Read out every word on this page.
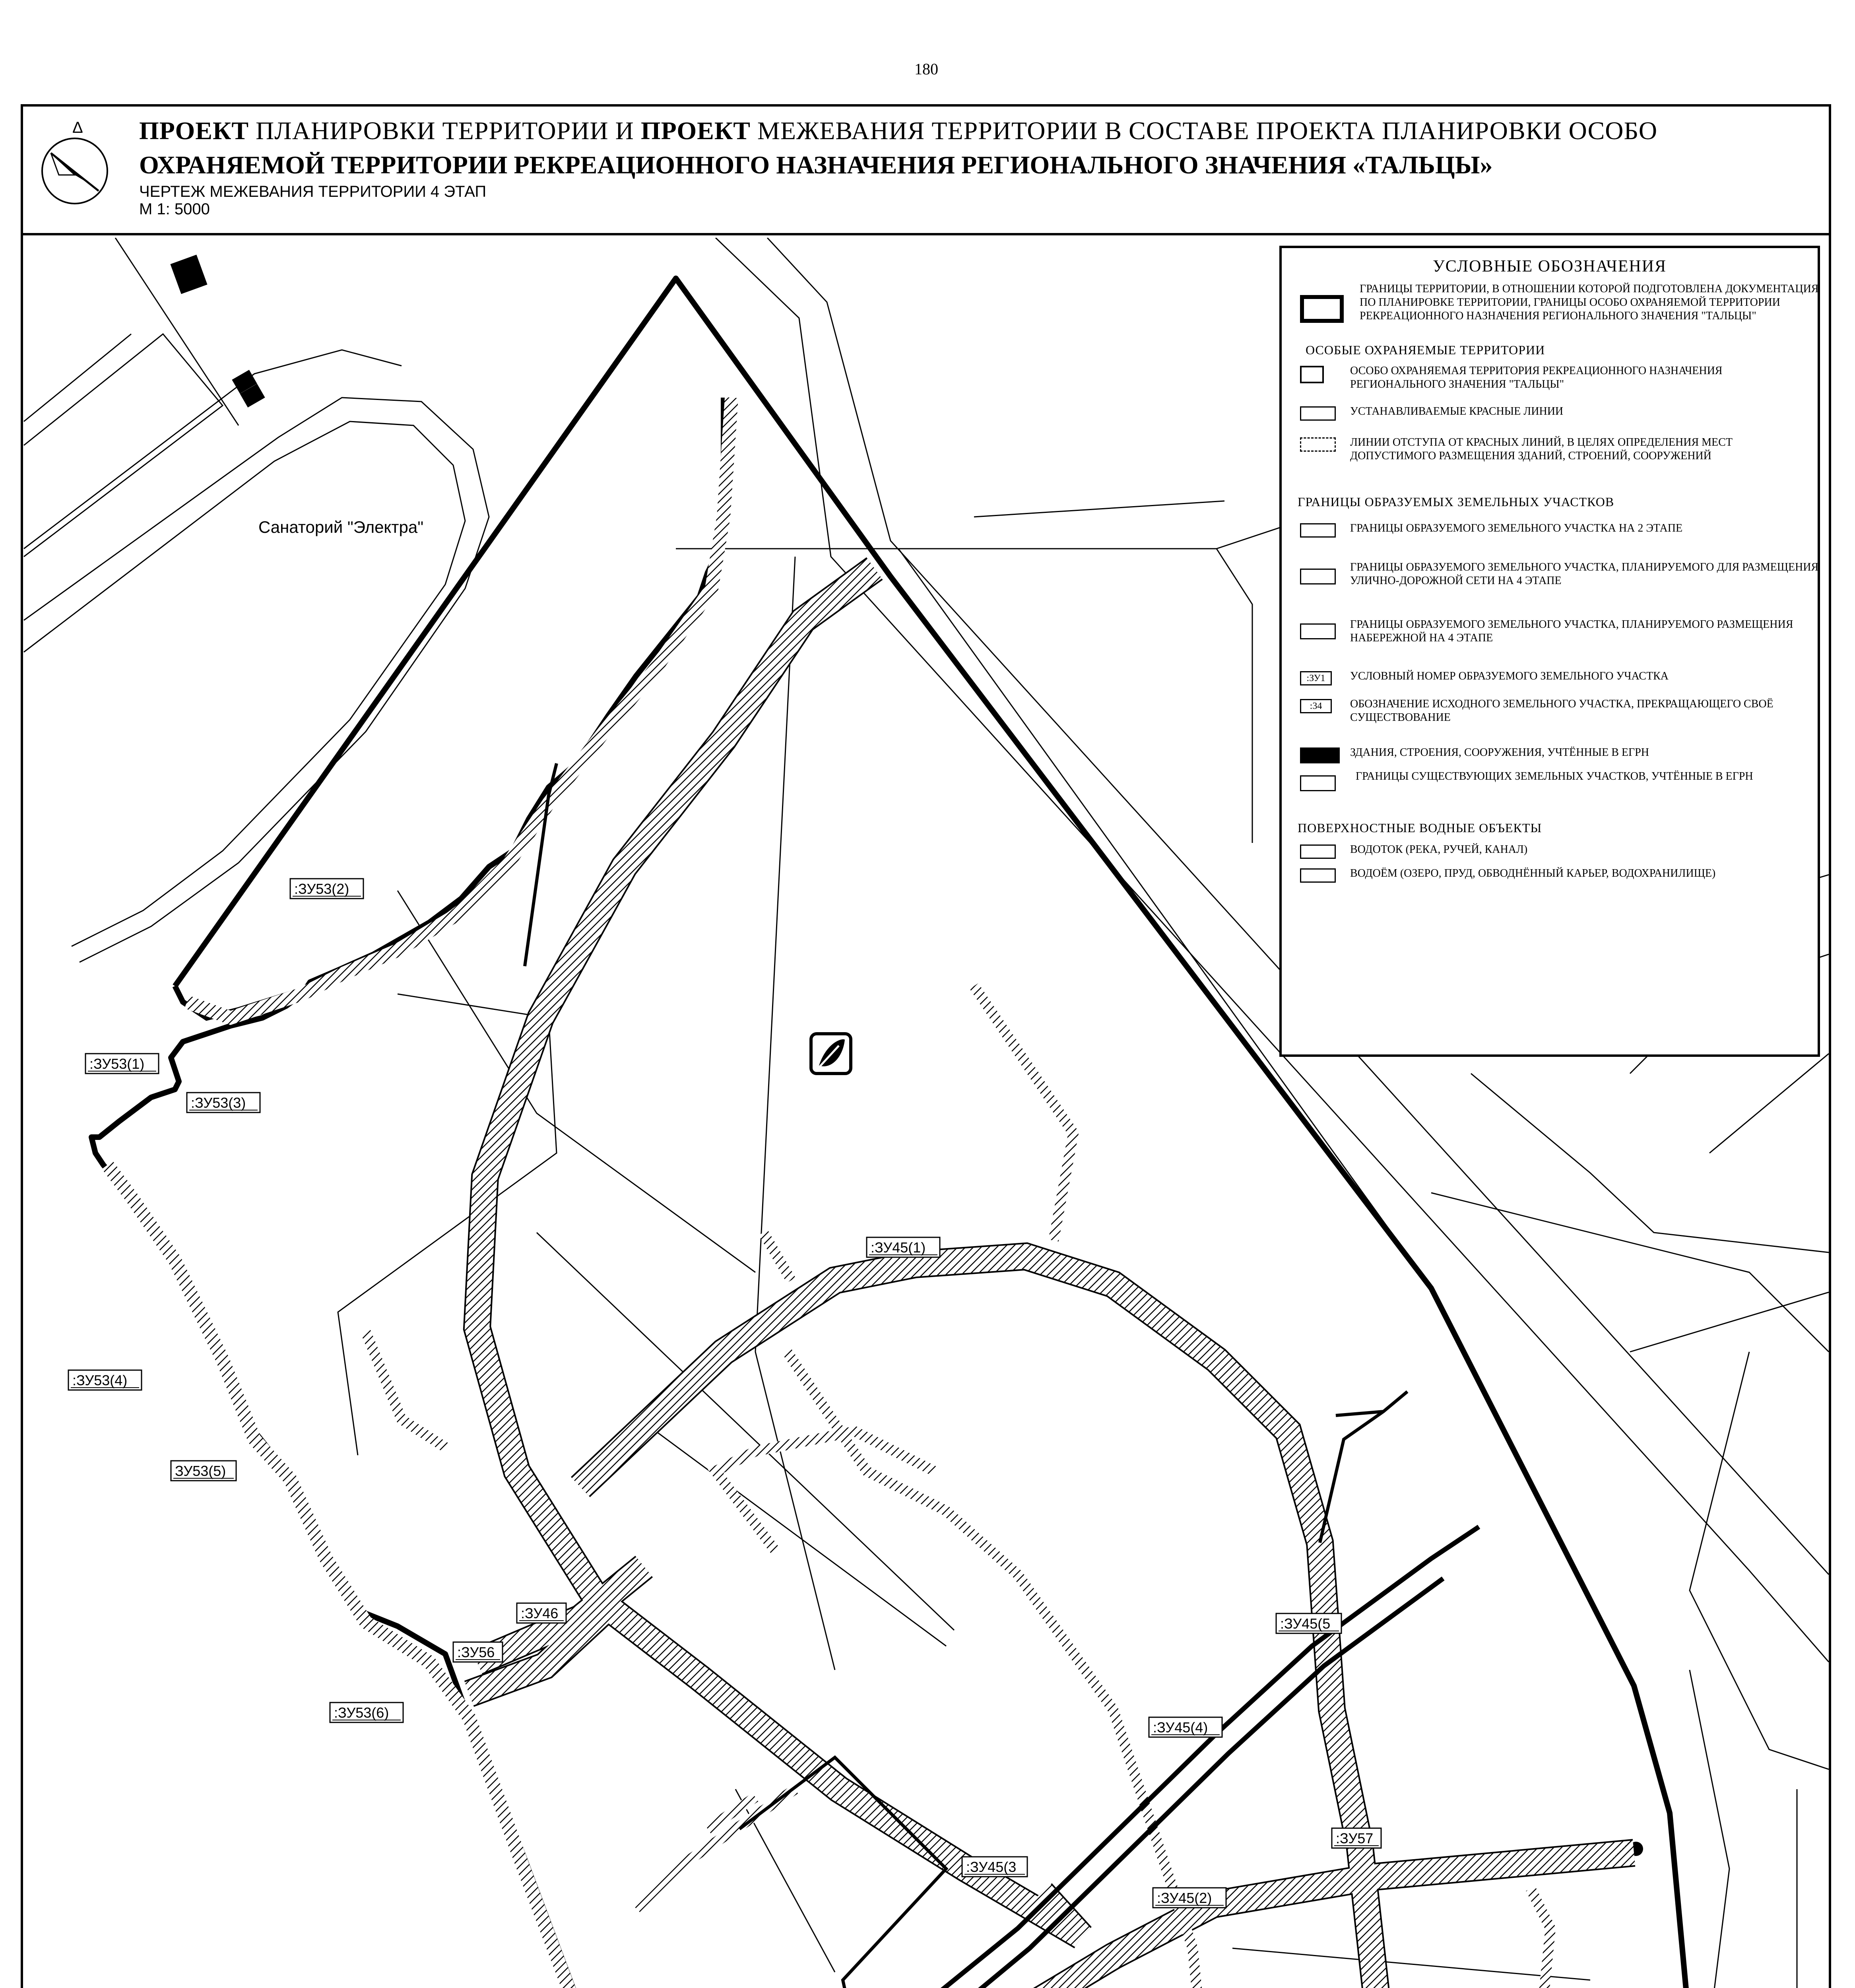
180
Δ ПРОЕКТ ПЛАНИРОВКИ ТЕРРИТОРИИ И ПРОЕКТ МЕЖЕВАНИЯ ТЕРРИТОРИИ В СОСТАВЕ ПРОЕКТА ПЛАНИРОВКИ ОСОБО
ОХРАНЯЕМОЙ ТЕРРИТОРИИ РЕКРЕАЦИОННОГО НАЗНАЧЕНИЯ РЕГИОНАЛЬНОГО ЗНАЧЕНИЯ «ТАЛЬЦЫ»
ЧЕРТЕЖ МЕЖЕВАНИЯ ТЕРРИТОРИИ 4 ЭТАП
М 1: 5000
Санаторий "Электра"
:ЗУ53(2)
:ЗУ53(1)
:ЗУ53(3)
:ЗУ53(4)
ЗУ53(5)
:ЗУ46
:ЗУ56
:ЗУ53(6)
:ЗУ45(1)
:ЗУ45(5
:ЗУ45(4)
:ЗУ45(3
:ЗУ45(2)
:ЗУ57
УСЛОВНЫЕ ОБОЗНАЧЕНИЯ
ГРАНИЦЫ ТЕРРИТОРИИ, В ОТНОШЕНИИ КОТОРОЙ ПОДГОТОВЛЕНА ДОКУМЕНТАЦИЯ ПО ПЛАНИРОВКЕ ТЕРРИТОРИИ, ГРАНИЦЫ ОСОБО ОХРАНЯЕМОЙ ТЕРРИТОРИИ РЕКРЕАЦИОННОГО НАЗНАЧЕНИЯ РЕГИОНАЛЬНОГО ЗНАЧЕНИЯ "ТАЛЬЦЫ"
ОСОБЫЕ ОХРАНЯЕМЫЕ ТЕРРИТОРИИ
ОСОБО ОХРАНЯЕМАЯ ТЕРРИТОРИЯ РЕКРЕАЦИОННОГО НАЗНАЧЕНИЯ РЕГИОНАЛЬНОГО ЗНАЧЕНИЯ "ТАЛЬЦЫ"
УСТАНАВЛИВАЕМЫЕ КРАСНЫЕ ЛИНИИ
ЛИНИИ ОТСТУПА ОТ КРАСНЫХ ЛИНИЙ, В ЦЕЛЯХ ОПРЕДЕЛЕНИЯ МЕСТ ДОПУСТИМОГО РАЗМЕЩЕНИЯ ЗДАНИЙ, СТРОЕНИЙ, СООРУЖЕНИЙ
ГРАНИЦЫ ОБРАЗУЕМЫХ ЗЕМЕЛЬНЫХ УЧАСТКОВ
ГРАНИЦЫ ОБРАЗУЕМОГО ЗЕМЕЛЬНОГО УЧАСТКА НА 2 ЭТАПЕ
ГРАНИЦЫ ОБРАЗУЕМОГО ЗЕМЕЛЬНОГО УЧАСТКА, ПЛАНИРУЕМОГО ДЛЯ РАЗМЕЩЕНИЯ УЛИЧНО-ДОРОЖНОЙ СЕТИ НА 4 ЭТАПЕ
ГРАНИЦЫ ОБРАЗУЕМОГО ЗЕМЕЛЬНОГО УЧАСТКА, ПЛАНИРУЕМОГО РАЗМЕЩЕНИЯ НАБЕРЕЖНОЙ НА 4 ЭТАПЕ
:ЗУ1	УСЛОВНЫЙ НОМЕР ОБРАЗУЕМОГО ЗЕМЕЛЬНОГО УЧАСТКА
:34	ОБОЗНАЧЕНИЕ ИСХОДНОГО ЗЕМЕЛЬНОГО УЧАСТКА, ПРЕКРАЩАЮЩЕГО СВОЁ СУЩЕСТВОВАНИЕ
ЗДАНИЯ, СТРОЕНИЯ, СООРУЖЕНИЯ, УЧТЁННЫЕ В ЕГРН
ГРАНИЦЫ СУЩЕСТВУЮЩИХ ЗЕМЕЛЬНЫХ УЧАСТКОВ, УЧТЁННЫЕ В ЕГРН
ПОВЕРХНОСТНЫЕ ВОДНЫЕ ОБЪЕКТЫ
ВОДОТОК (РЕКА, РУЧЕЙ, КАНАЛ)
ВОДОЁМ (ОЗЕРО, ПРУД, ОБВОДНЁННЫЙ КАРЬЕР, ВОДОХРАНИЛИЩЕ)
